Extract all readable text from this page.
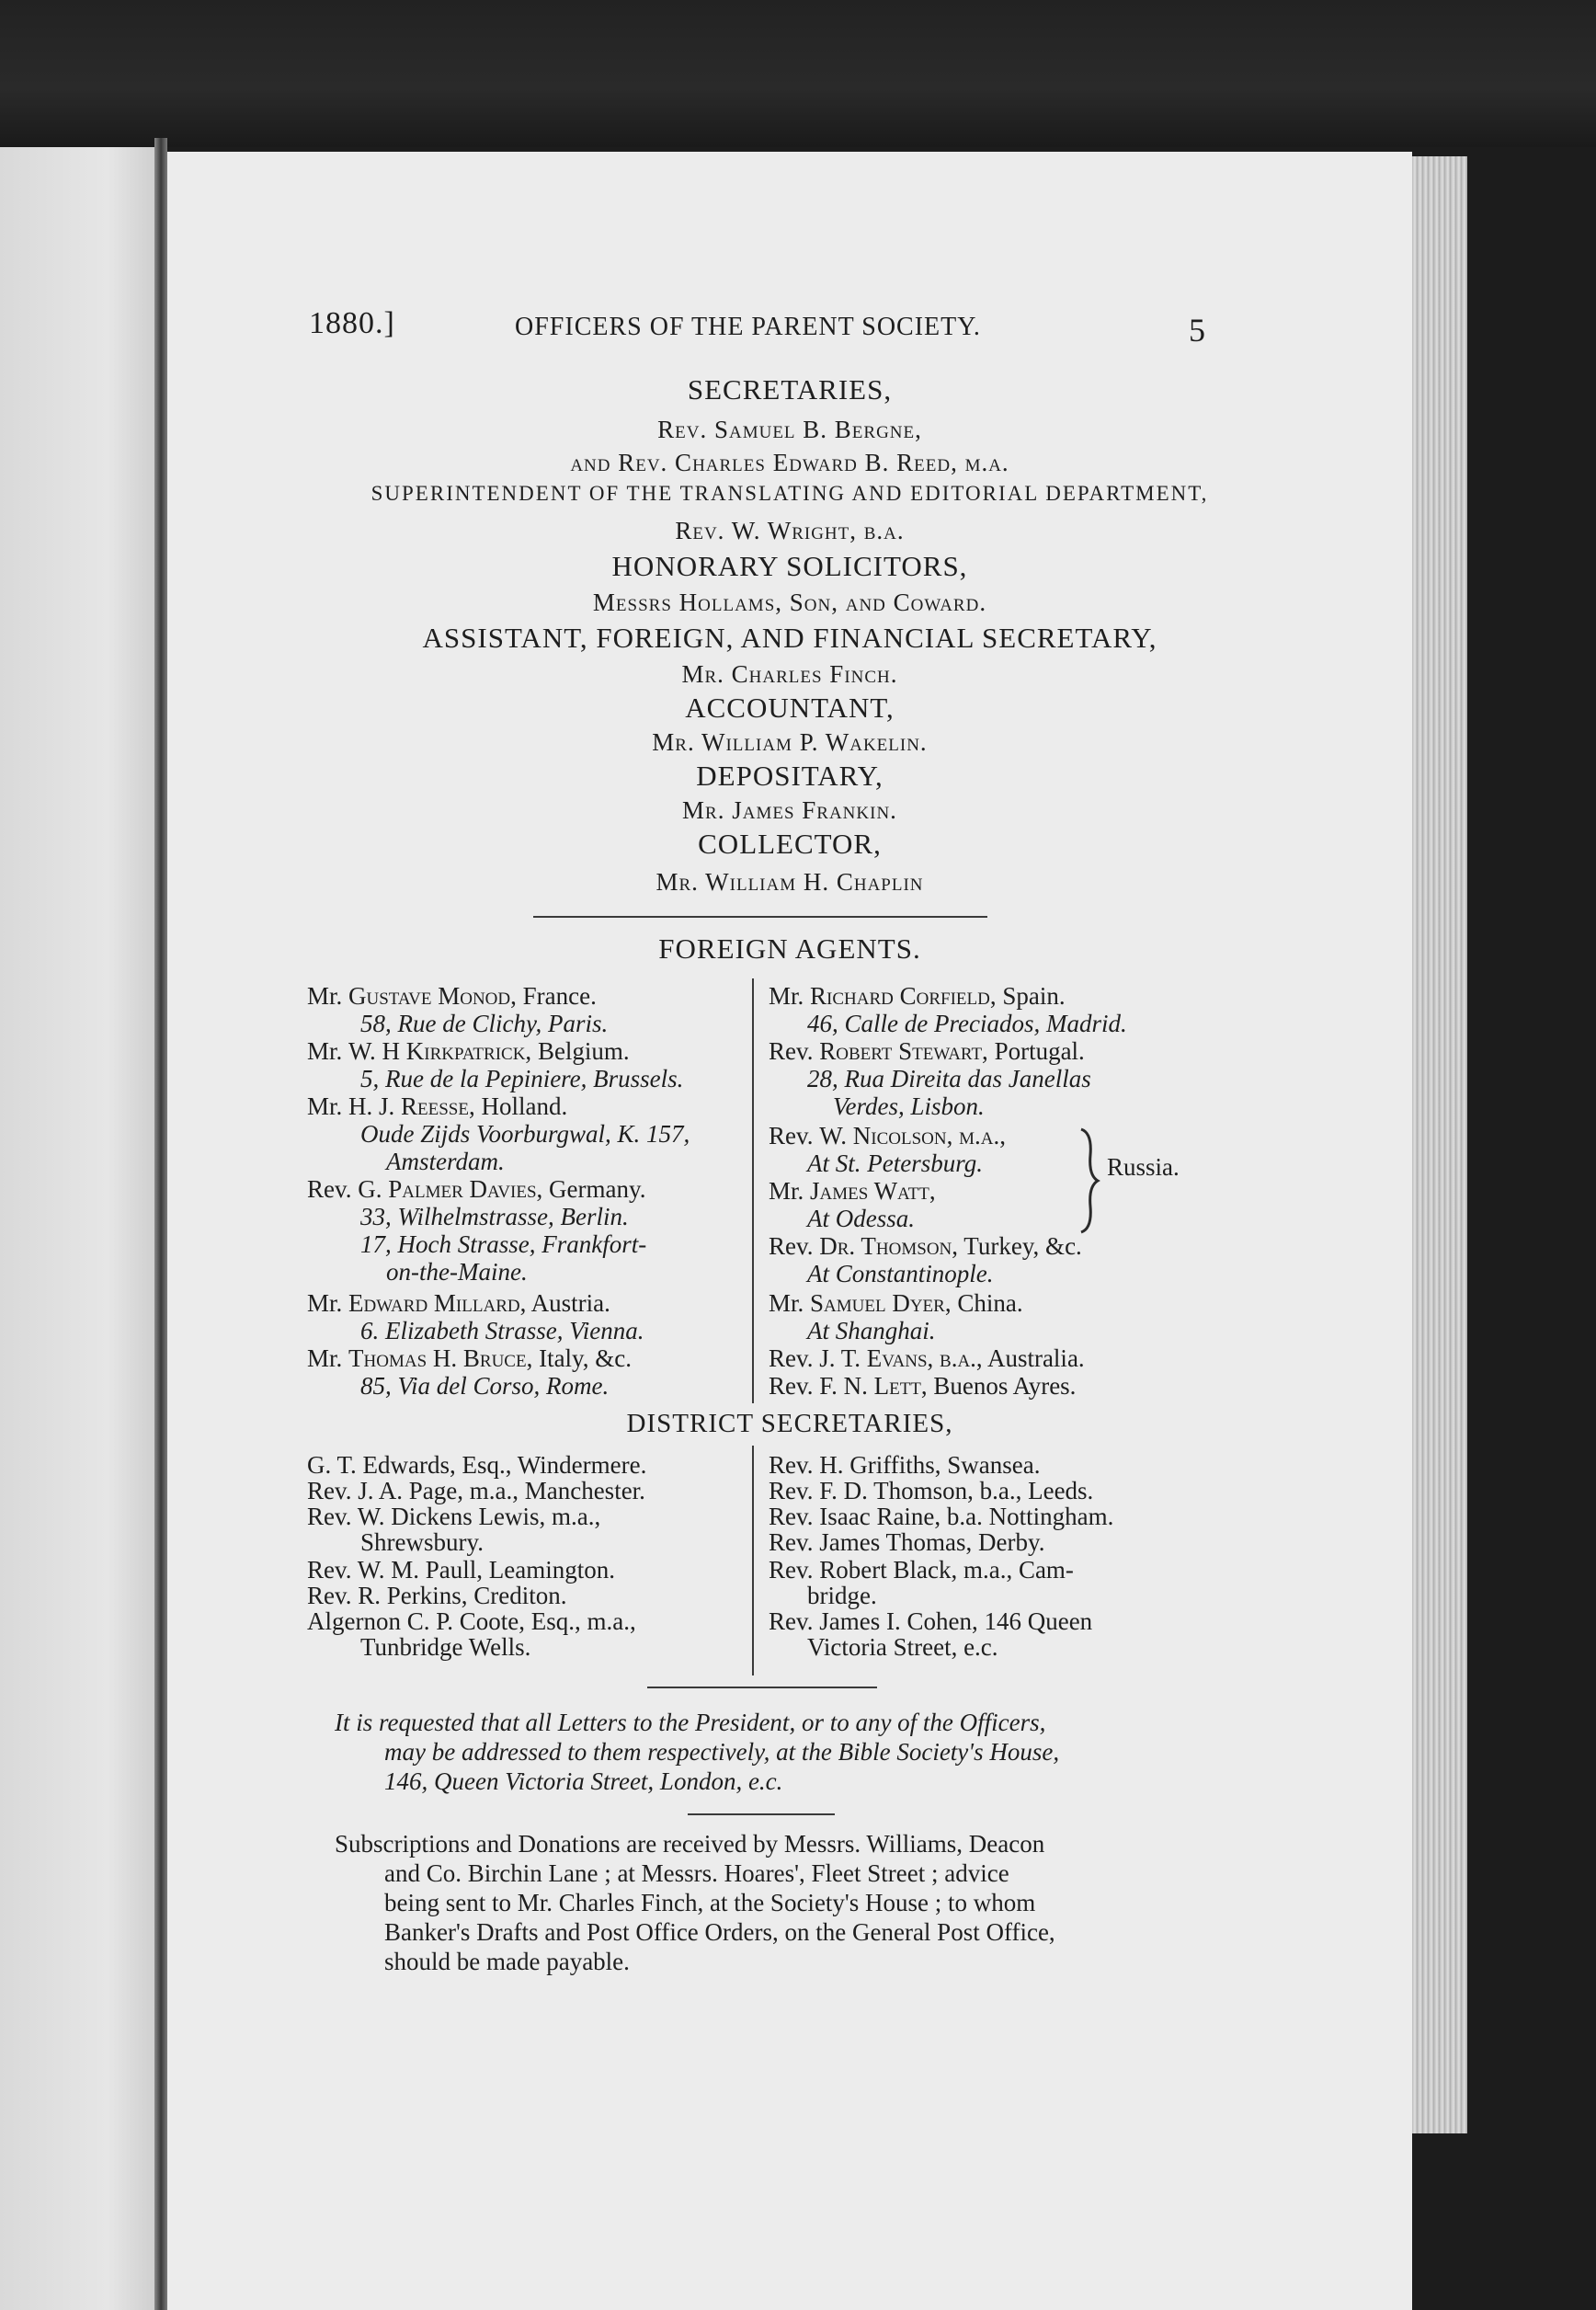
1880.]	OFFICERS OF THE PARENT SOCIETY.	5
SECRETARIES,
Rev. Samuel B. Bergne,
and Rev. Charles Edward B. Reed, m.a.
SUPERINTENDENT OF THE TRANSLATING AND EDITORIAL DEPARTMENT,
Rev. W. Wright, b.a.
HONORARY SOLICITORS,
Messrs Hollams, Son, and Coward.
ASSISTANT, FOREIGN, AND FINANCIAL SECRETARY,
Mr. Charles Finch.
ACCOUNTANT,
Mr. William P. Wakelin.
DEPOSITARY,
Mr. James Frankin.
COLLECTOR,
Mr. William H. Chaplin
FOREIGN AGENTS.
Mr. Gustave Monod, France.
58, Rue de Clichy, Paris.
Mr. W. H Kirkpatrick, Belgium.
5, Rue de la Pepiniere, Brussels.
Mr. H. J. Reesse, Holland.
Oude Zijds Voorburgwal, K. 157,
Amsterdam.
Rev. G. Palmer Davies, Germany.
33, Wilhelmstrasse, Berlin.
17, Hoch Strasse, Frankfort-
on-the-Maine.
Mr. Edward Millard, Austria.
6. Elizabeth Strasse, Vienna.
Mr. Thomas H. Bruce, Italy, &c.
85, Via del Corso, Rome.
Mr. Richard Corfield, Spain.
46, Calle de Preciados, Madrid.
Rev. Robert Stewart, Portugal.
28, Rua Direita das Janellas
Verdes, Lisbon.
Rev. W. Nicolson, m.a.,
At St. Petersburg.
Mr. James Watt,
At Odessa.
Russia.
Rev. Dr. Thomson, Turkey, &c.
At Constantinople.
Mr. Samuel Dyer, China.
At Shanghai.
Rev. J. T. Evans, b.a., Australia.
Rev. F. N. Lett, Buenos Ayres.
DISTRICT SECRETARIES,
G. T. Edwards, Esq., Windermere.
Rev. J. A. Page, m.a., Manchester.
Rev. W. Dickens Lewis, m.a.,
Shrewsbury.
Rev. W. M. Paull, Leamington.
Rev. R. Perkins, Crediton.
Algernon C. P. Coote, Esq., m.a.,
Tunbridge Wells.
Rev. H. Griffiths, Swansea.
Rev. F. D. Thomson, b.a., Leeds.
Rev. Isaac Raine, b.a. Nottingham.
Rev. James Thomas, Derby.
Rev. Robert Black, m.a., Cam-
bridge.
Rev. James I. Cohen, 146 Queen
Victoria Street, e.c.
It is requested that all Letters to the President, or to any of the Officers,
may be addressed to them respectively, at the Bible Society's House,
146, Queen Victoria Street, London, e.c.
Subscriptions and Donations are received by Messrs. Williams, Deacon
and Co. Birchin Lane ; at Messrs. Hoares', Fleet Street ; advice
being sent to Mr. Charles Finch, at the Society's House ; to whom
Banker's Drafts and Post Office Orders, on the General Post Office,
should be made payable.
